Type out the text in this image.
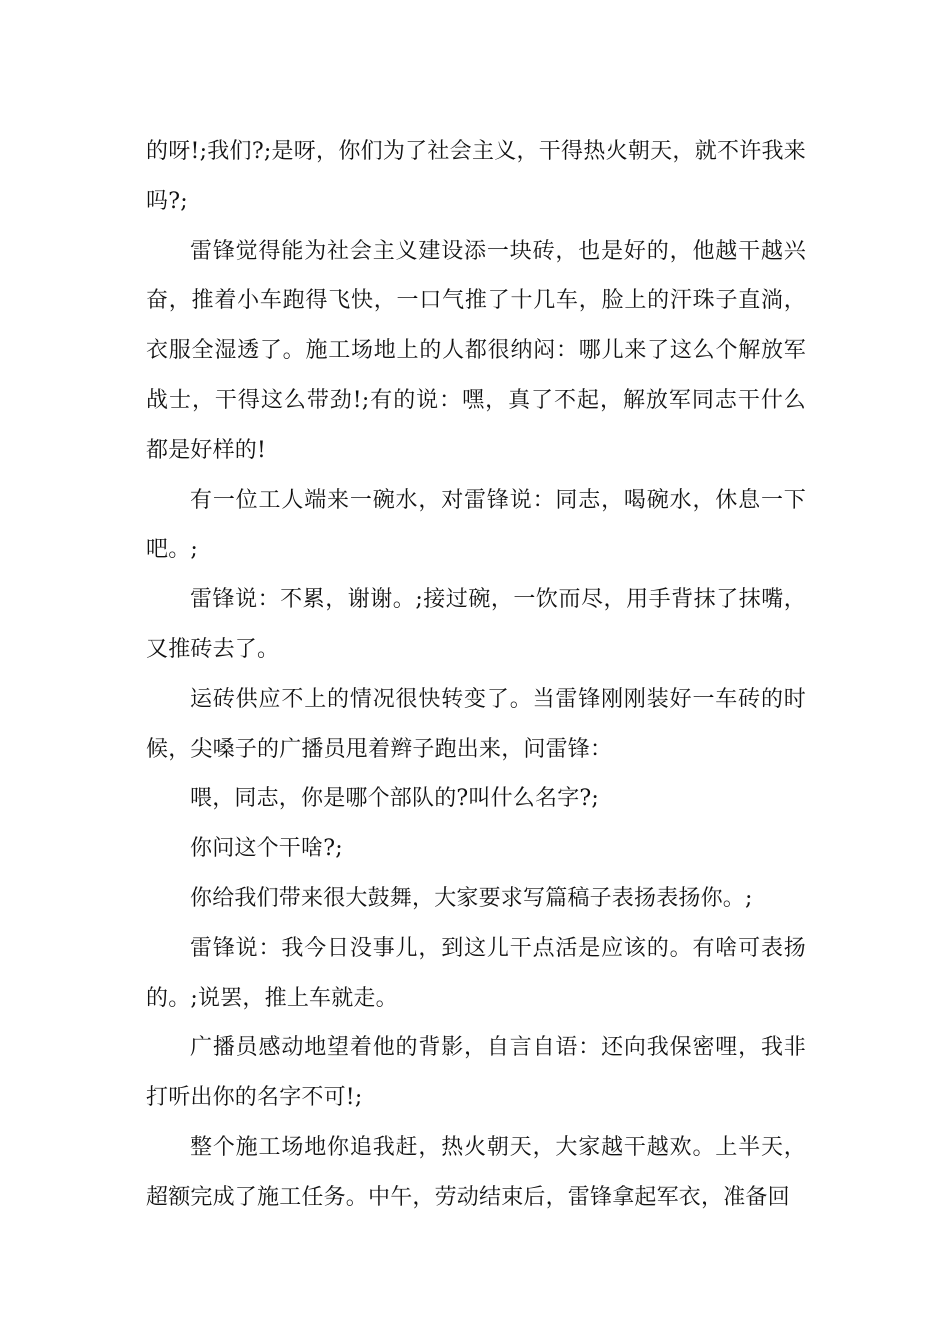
的呀!;我们?;是呀，你们为了社会主义，干得热火朝天，就不许我来吗?;

雷锋觉得能为社会主义建设添一块砖，也是好的，他越干越兴奋，推着小车跑得飞快，一口气推了十几车，脸上的汗珠子直淌，衣服全湿透了。施工场地上的人都很纳闷：哪儿来了这么个解放军战士，干得这么带劲!;有的说：嘿，真了不起，解放军同志干什么都是好样的!

有一位工人端来一碗水，对雷锋说：同志，喝碗水，休息一下吧。;

雷锋说：不累，谢谢。;接过碗，一饮而尽，用手背抹了抹嘴，又推砖去了。

运砖供应不上的情况很快转变了。当雷锋刚刚装好一车砖的时候，尖嗓子的广播员甩着辫子跑出来，问雷锋：

喂，同志，你是哪个部队的?叫什么名字?;

你问这个干啥?;

你给我们带来很大鼓舞，大家要求写篇稿子表扬表扬你。;

雷锋说：我今日没事儿，到这儿干点活是应该的。有啥可表扬的。;说罢，推上车就走。

广播员感动地望着他的背影，自言自语：还向我保密哩，我非打听出你的名字不可!;

整个施工场地你追我赶，热火朝天，大家越干越欢。上半天，超额完成了施工任务。中午，劳动结束后，雷锋拿起军衣，准备回
